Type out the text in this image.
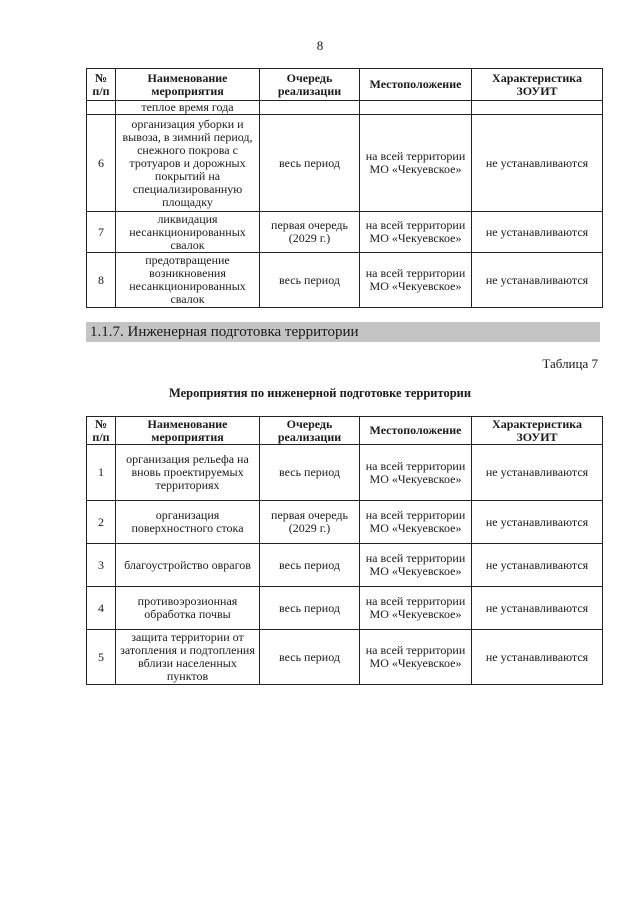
8
№ п/п	Наименование мероприятия	Очередь реализации	Местоположение	Характеристика ЗОУИТ
	теплое время года			
6	организация уборки и вывоза, в зимний период, снежного покрова с тротуаров и дорожных покрытий на специализированную площадку	весь период	на всей территории МО «Чекуевское»	не устанавливаются
7	ликвидация несанкционированных свалок	первая очередь (2029 г.)	на всей территории МО «Чекуевское»	не устанавливаются
8	предотвращение возникновения несанкционированных свалок	весь период	на всей территории МО «Чекуевское»	не устанавливаются
1.1.7. Инженерная подготовка территории
Таблица 7
Мероприятия по инженерной подготовке территории
№ п/п	Наименование мероприятия	Очередь реализации	Местоположение	Характеристика ЗОУИТ
1	организация рельефа на вновь проектируемых территориях	весь период	на всей территории МО «Чекуевское»	не устанавливаются
2	организация поверхностного стока	первая очередь (2029 г.)	на всей территории МО «Чекуевское»	не устанавливаются
3	благоустройство оврагов	весь период	на всей территории МО «Чекуевское»	не устанавливаются
4	противоэрозионная обработка почвы	весь период	на всей территории МО «Чекуевское»	не устанавливаются
5	защита территории от затопления и подтопления вблизи населенных пунктов	весь период	на всей территории МО «Чекуевское»	не устанавливаются
